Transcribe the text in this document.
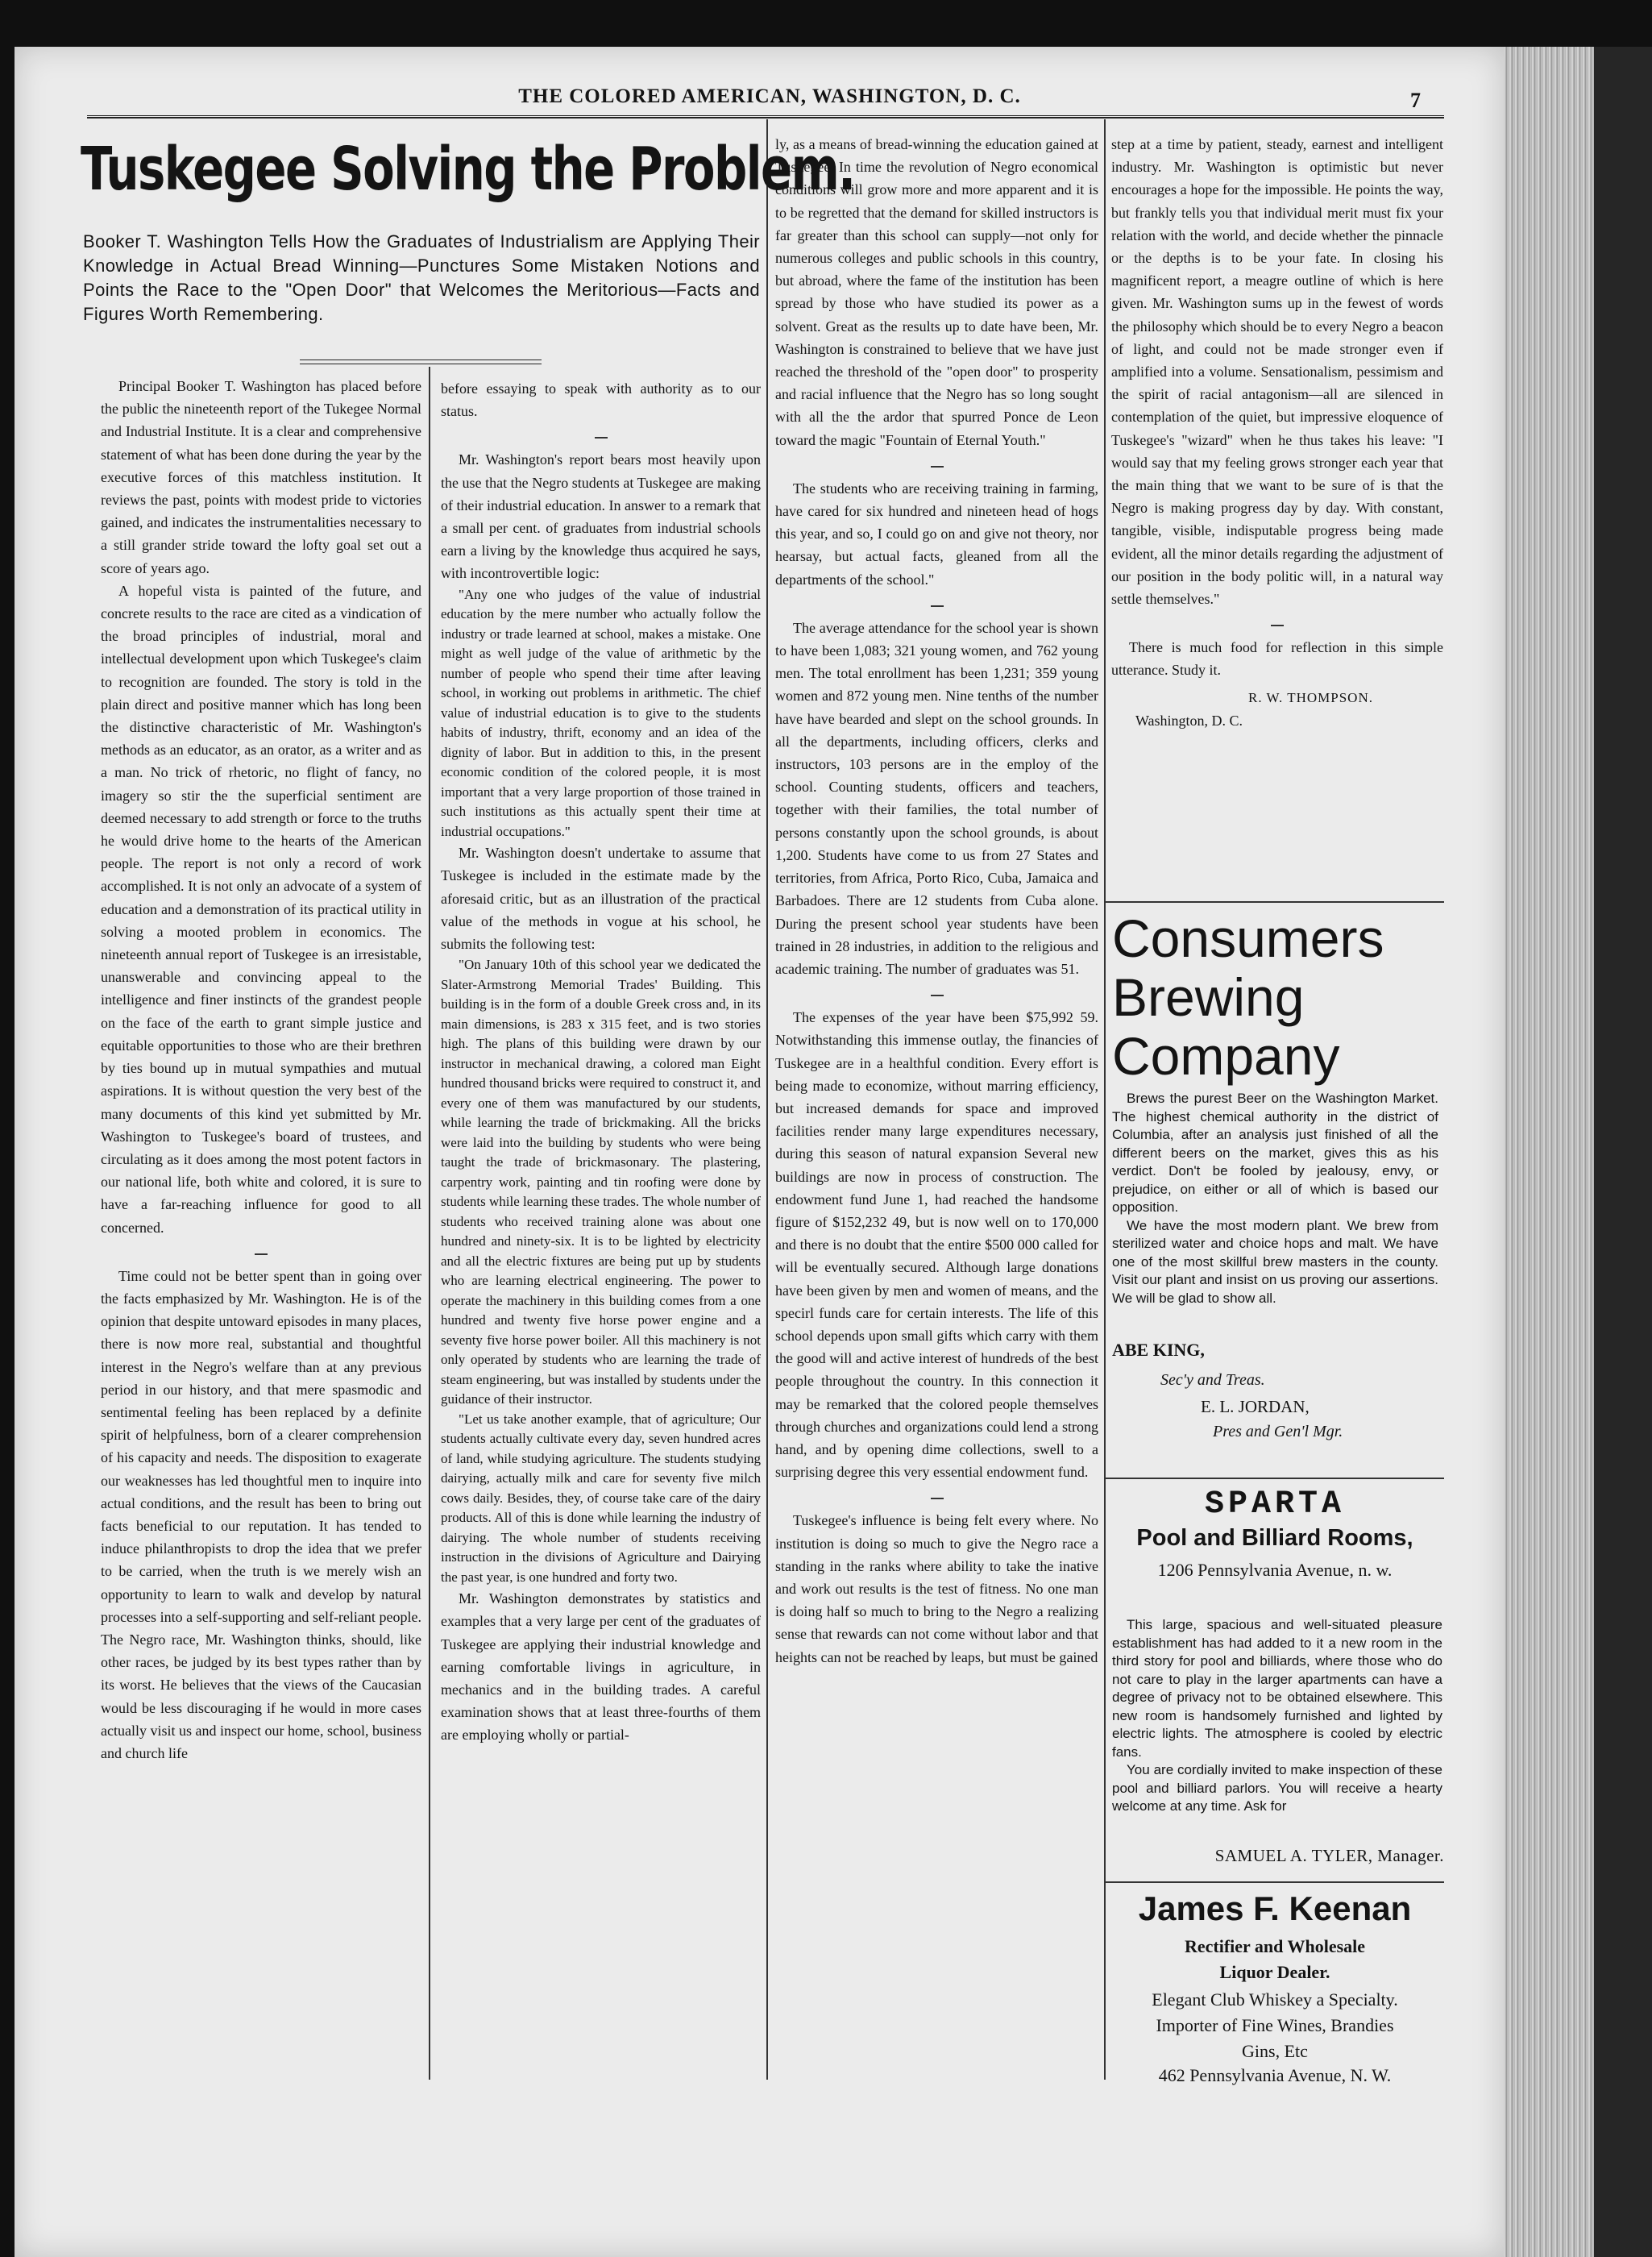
THE COLORED AMERICAN, WASHINGTON, D. C.	7
Tuskegee Solving the Problem.
Booker T. Washington Tells How the Graduates of Industrialism are Applying Their Knowledge in Actual Bread Winning—Punctures Some Mistaken Notions and Points the Race to the "Open Door" that Welcomes the Meritorious—Facts and Figures Worth Remembering.

Principal Booker T. Washington has placed before the public the nineteenth report of the Tukegee Normal and Industrial Institute. It is a clear and comprehensive statement of what has been done during the year by the executive forces of this matchless institution. It reviews the past, points with modest pride to victories gained, and indicates the instrumentalities necessary to a still grander stride toward the lofty goal set out a score of years ago.

A hopeful vista is painted of the future, and concrete results to the race are cited as a vindication of the broad principles of industrial, moral and intellectual development upon which Tuskegee's claim to recognition are founded. The story is told in the plain direct and positive manner which has long been the distinctive characteristic of Mr. Washington's methods as an educator, as an orator, as a writer and as a man. No trick of rhetoric, no flight of fancy, no imagery so stir the the superficial sentiment are deemed necessary to add strength or force to the truths he would drive home to the hearts of the American people. The report is not only a record of work accomplished. It is not only an advocate of a system of education and a demonstration of its practical utility in solving a mooted problem in economics. The nineteenth annual report of Tuskegee is an irresistable, unanswerable and convincing appeal to the intelligence and finer instincts of the grandest people on the face of the earth to grant simple justice and equitable opportunities to those who are their brethren by ties bound up in mutual sympathies and mutual aspirations. It is without question the very best of the many documents of this kind yet submitted by Mr. Washington to Tuskegee's board of trustees, and circulating as it does among the most potent factors in our national life, both white and colored, it is sure to have a far-reaching influence for good to all concerned.

Time could not be better spent than in going over the facts emphasized by Mr. Washington. He is of the opinion that despite untoward episodes in many places, there is now more real, substantial and thoughtful interest in the Negro's welfare than at any previous period in our history, and that mere spasmodic and sentimental feeling has been replaced by a definite spirit of helpfulness, born of a clearer comprehension of his capacity and needs. The disposition to exagerate our weaknesses has led thoughtful men to inquire into actual conditions, and the result has been to bring out facts beneficial to our reputation. It has tended to induce philanthropists to drop the idea that we prefer to be carried, when the truth is we merely wish an opportunity to learn to walk and develop by natural processes into a self-supporting and self-reliant people. The Negro race, Mr. Washington thinks, should, like other races, be judged by its best types rather than by its worst. He believes that the views of the Caucasian would be less discouraging if he would in more cases actually visit us and inspect our home, school, business and church life

before essaying to speak with authority as to our status.

Mr. Washington's report bears most heavily upon the use that the Negro students at Tuskegee are making of their industrial education. In answer to a remark that a small per cent. of graduates from industrial schools earn a living by the knowledge thus acquired he says, with incontrovertible logic:

"Any one who judges of the value of industrial education by the mere number who actually follow the industry or trade learned at school, makes a mistake. One might as well judge of the value of arithmetic by the number of people who spend their time after leaving school, in working out problems in arithmetic. The chief value of industrial education is to give to the students habits of industry, thrift, economy and an idea of the dignity of labor. But in addition to this, in the present economic condition of the colored people, it is most important that a very large proportion of those trained in such institutions as this actually spent their time at industrial occupations."

Mr. Washington doesn't undertake to assume that Tuskegee is included in the estimate made by the aforesaid critic, but as an illustration of the practical value of the methods in vogue at his school, he submits the following test:

"On January 10th of this school year we dedicated the Slater-Armstrong Memorial Trades' Building. This building is in the form of a double Greek cross and, in its main dimensions, is 283 x 315 feet, and is two stories high. The plans of this building were drawn by our instructor in mechanical drawing, a colored man Eight hundred thousand bricks were required to construct it, and every one of them was manufactured by our students, while learning the trade of brickmaking. All the bricks were laid into the building by students who were being taught the trade of brickmasonary. The plastering, carpentry work, painting and tin roofing were done by students while learning these trades. The whole number of students who received training alone was about one hundred and ninety-six. It is to be lighted by electricity and all the electric fixtures are being put up by students who are learning electrical engineering. The power to operate the machinery in this building comes from a one hundred and twenty five horse power engine and a seventy five horse power boiler. All this machinery is not only operated by students who are learning the trade of steam engineering, but was installed by students under the guidance of their instructor.

"Let us take another example, that of agriculture; Our students actually cultivate every day, seven hundred acres of land, while studying agriculture. The students studying dairying, actually milk and care for seventy five milch cows daily. Besides, they, of course take care of the dairy products. All of this is done while learning the industry of dairying. The whole number of students receiving instruction in the divisions of Agriculture and Dairying the past year, is one hundred and forty two.

Mr. Washington demonstrates by statistics and examples that a very large per cent of the graduates of Tuskegee are applying their industrial knowledge and earning comfortable livings in agriculture, in mechanics and in the building trades. A careful examination shows that at least three-fourths of them are employing wholly or partial-

ly, as a means of bread-winning the education gained at Tuskegee. In time the revolution of Negro economical conditions will grow more and more apparent and it is to be regretted that the demand for skilled instructors is far greater than this school can supply—not only for numerous colleges and public schools in this country, but abroad, where the fame of the institution has been spread by those who have studied its power as a solvent. Great as the results up to date have been, Mr. Washington is constrained to believe that we have just reached the threshold of the "open door" to prosperity and racial influence that the Negro has so long sought with all the the ardor that spurred Ponce de Leon toward the magic "Fountain of Eternal Youth."

The students who are receiving training in farming, have cared for six hundred and nineteen head of hogs this year, and so, I could go on and give not theory, nor hearsay, but actual facts, gleaned from all the departments of the school."

The average attendance for the school year is shown to have been 1,083; 321 young women, and 762 young men. The total enrollment has been 1,231; 359 young women and 872 young men. Nine tenths of the number have have bearded and slept on the school grounds. In all the departments, including officers, clerks and instructors, 103 persons are in the employ of the school. Counting students, officers and teachers, together with their families, the total number of persons constantly upon the school grounds, is about 1,200. Students have come to us from 27 States and territories, from Africa, Porto Rico, Cuba, Jamaica and Barbadoes. There are 12 students from Cuba alone. During the present school year students have been trained in 28 industries, in addition to the religious and academic training. The number of graduates was 51.

The expenses of the year have been $75,992 59. Notwithstanding this immense outlay, the financies of Tuskegee are in a healthful condition. Every effort is being made to economize, without marring efficiency, but increased demands for space and improved facilities render many large expenditures necessary, during this season of natural expansion Several new buildings are now in process of construction. The endowment fund June 1, had reached the handsome figure of $152,232 49, but is now well on to 170,000 and there is no doubt that the entire $500 000 called for will be eventually secured. Although large donations have been given by men and women of means, and the specirl funds care for certain interests. The life of this school depends upon small gifts which carry with them the good will and active interest of hundreds of the best people throughout the country. In this connection it may be remarked that the colored people themselves through churches and organizations could lend a strong hand, and by opening dime collections, swell to a surprising degree this very essential endowment fund.

Tuskegee's influence is being felt every where. No institution is doing so much to give the Negro race a standing in the ranks where ability to take the inative and work out results is the test of fitness. No one man is doing half so much to bring to the Negro a realizing sense that rewards can not come without labor and that heights can not be reached by leaps, but must be gained

step at a time by patient, steady, earnest and intelligent industry. Mr. Washington is optimistic but never encourages a hope for the impossible. He points the way, but frankly tells you that individual merit must fix your relation with the world, and decide whether the pinnacle or the depths is to be your fate. In closing his magnificent report, a meagre outline of which is here given. Mr. Washington sums up in the fewest of words the philosophy which should be to every Negro a beacon of light, and could not be made stronger even if amplified into a volume. Sensationalism, pessimism and the spirit of racial antagonism—all are silenced in contemplation of the quiet, but impressive eloquence of Tuskegee's "wizard" when he thus takes his leave: "I would say that my feeling grows stronger each year that the main thing that we want to be sure of is that the Negro is making progress day by day. With constant, tangible, visible, indisputable progress being made evident, all the minor details regarding the adjustment of our position in the body politic will, in a natural way settle themselves."

There is much food for reflection in this simple utterance. Study it.

R. W. THOMPSON.
Washington, D. C.
Consumers
Brewing
Company

Brews the purest Beer on the Washington Market. The highest chemical authority in the district of Columbia, after an analysis just finished of all the different beers on the market, gives this as his verdict. Don't be fooled by jealousy, envy, or prejudice, on either or all of which is based our opposition.

We have the most modern plant. We brew from sterilized water and choice hops and malt. We have one of the most skillful brew masters in the county. Visit our plant and insist on us proving our assertions. We will be glad to show all.

ABE KING,
Sec'y and Treas.
E. L. JORDAN,
Pres and Gen'l Mgr.
SPARTA
Pool and Billiard Rooms,
1206 Pennsylvania Avenue, n. w.

This large, spacious and well-situated pleasure establishment has had added to it a new room in the third story for pool and billiards, where those who do not care to play in the larger apartments can have a degree of privacy not to be obtained elsewhere. This new room is handsomely furnished and lighted by electric lights. The atmosphere is cooled by electric fans.

You are cordially invited to make inspection of these pool and billiard parlors. You will receive a hearty welcome at any time. Ask for

SAMUEL A. TYLER, Manager.
James F. Keenan
Rectifier and Wholesale
Liquor Dealer.
Elegant Club Whiskey a Specialty.
Importer of Fine Wines, Brandies
Gins, Etc
462 Pennsylvania Avenue, N. W.
